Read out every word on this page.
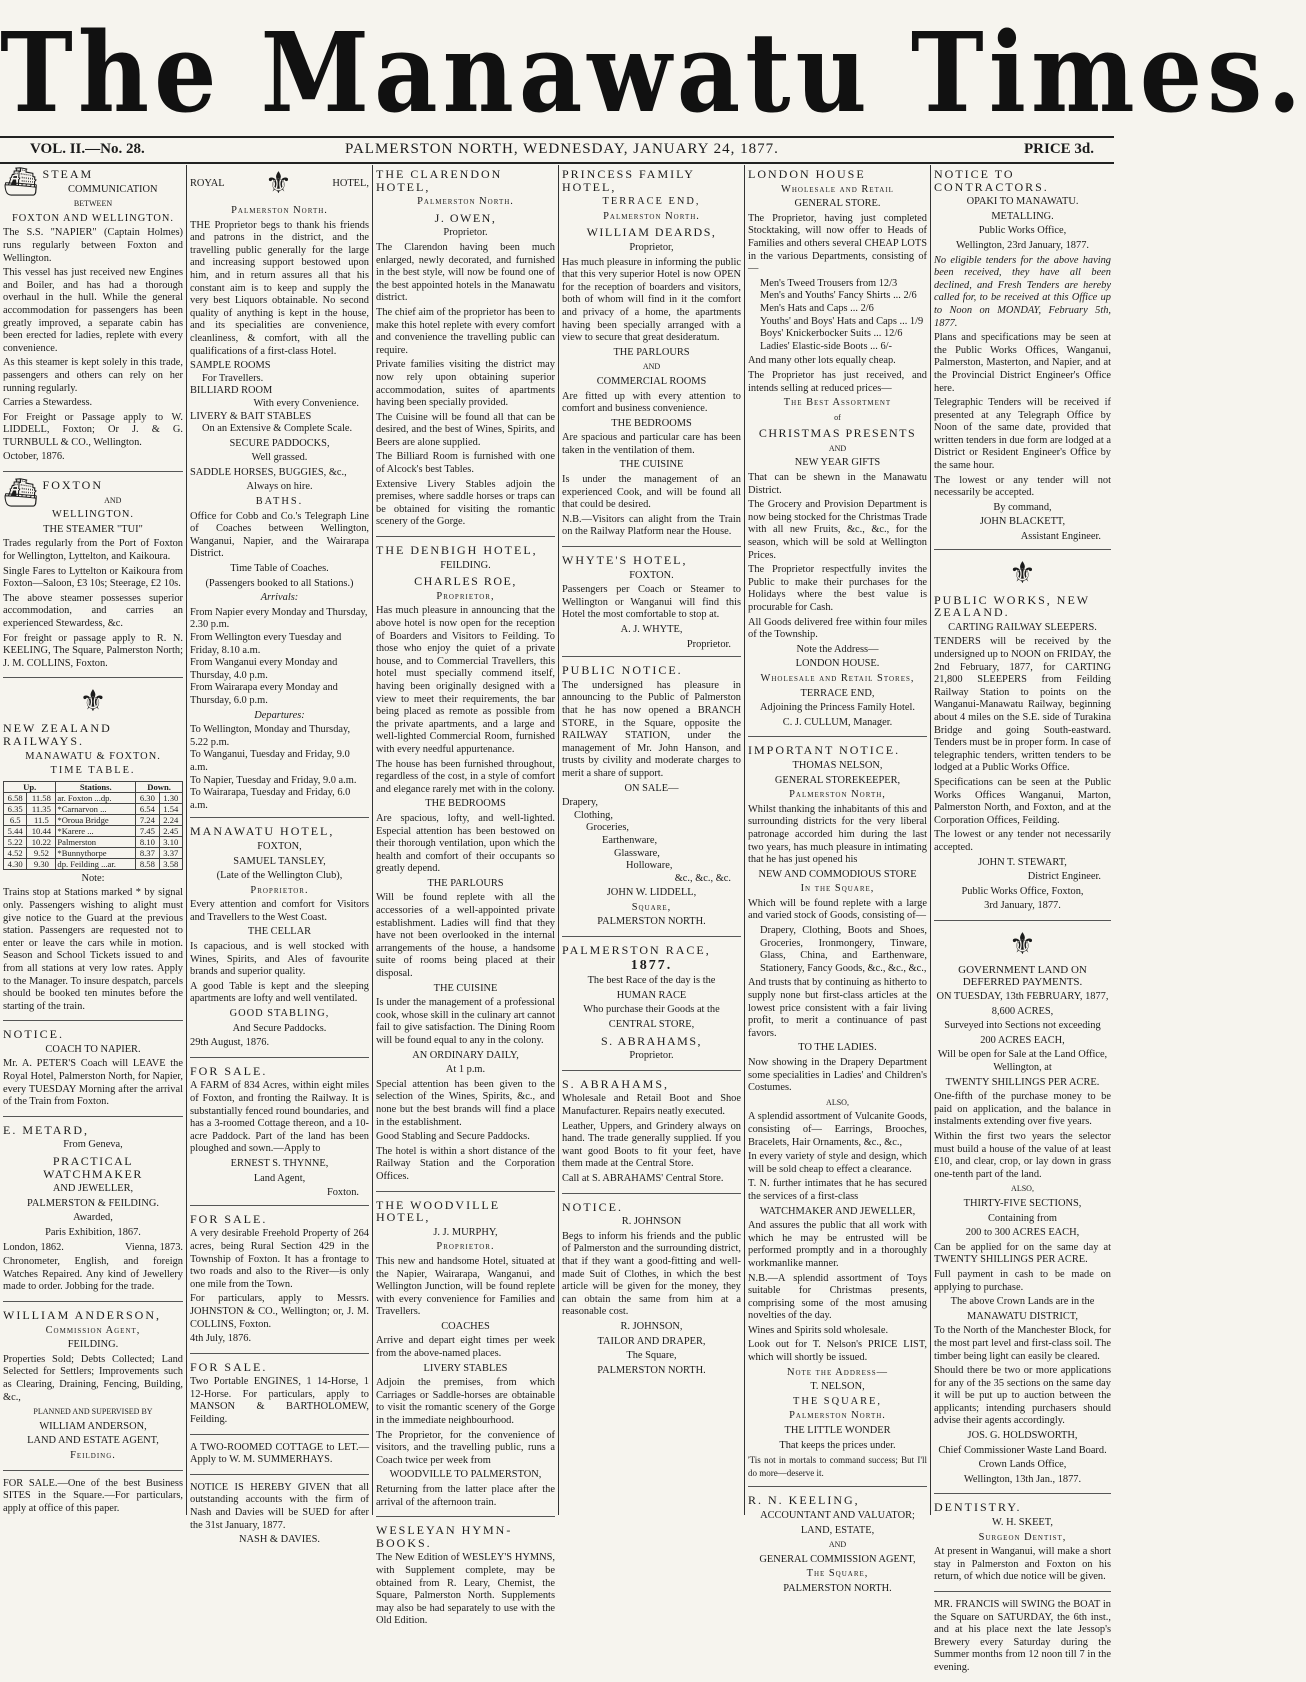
The Manawatu Times.
VOL. II.—No. 28.	PALMERSTON NORTH, WEDNESDAY, JANUARY 24, 1877.	PRICE 3d.
⛴ STEAM
COMMUNICATION
BETWEEN
FOXTON AND WELLINGTON.

The S.S. "NAPIER" (Captain Holmes) runs regularly between Foxton and Wellington.

This vessel has just received new Engines and Boiler, and has had a thorough overhaul in the hull. While the general accommodation for passengers has been greatly improved, a separate cabin has been erected for ladies, replete with every convenience.

As this steamer is kept solely in this trade, passengers and others can rely on her running regularly.

Carries a Stewardess.

For Freight or Passage apply to W. LIDDELL, Foxton; Or J. & G. TURNBULL & CO., Wellington.

October, 1876.

⛴ FOXTON
AND
WELLINGTON.
THE STEAMER "TUI"

Trades regularly from the Port of Foxton for Wellington, Lyttelton, and Kaikoura.

Single Fares to Lyttelton or Kaikoura from Foxton—Saloon, £3 10s; Steerage, £2 10s.

The above steamer possesses superior accommodation, and carries an experienced Stewardess, &c.

For freight or passage apply to R. N. KEELING, The Square, Palmerston North; J. M. COLLINS, Foxton.

⚜
NEW ZEALAND RAILWAYS.
MANAWATU & FOXTON.
TIME TABLE.
Up.		Stations.	Down.	
6.58	11.58	ar. Foxton ...dp.	6.30	1.30
6.35	11.35	*Carnarvon ...	6.54	1.54
6.5	11.5	*Oroua Bridge	7.24	2.24
5.44	10.44	*Karere ...	7.45	2.45
5.22	10.22	Palmerston	8.10	3.10
4.52	9.52	*Bunnythorpe	8.37	3.37
4.30	9.30	dp. Feilding ...ar.	8.58	3.58
Note:

Trains stop at Stations marked * by signal only. Passengers wishing to alight must give notice to the Guard at the previous station. Passengers are requested not to enter or leave the cars while in motion. Season and School Tickets issued to and from all stations at very low rates. Apply to the Manager. To insure despatch, parcels should be booked ten minutes before the starting of the train.

NOTICE.
COACH TO NAPIER.

Mr. A. PETER'S Coach will LEAVE the Royal Hotel, Palmerston North, for Napier, every TUESDAY Morning after the arrival of the Train from Foxton.

E. METARD,
From Geneva,
PRACTICAL WATCHMAKER
AND JEWELLER,
PALMERSTON & FEILDING.
Awarded,
Paris Exhibition, 1867.
London, 1862.	Vienna, 1873.

Chronometer, English, and foreign Watches Repaired. Any kind of Jewellery made to order. Jobbing for the trade.

WILLIAM ANDERSON,
Commission Agent,
FEILDING.

Properties Sold; Debts Collected; Land Selected for Settlers; Improvements such as Clearing, Draining, Fencing, Building, &c.,

PLANNED AND SUPERVISED BY
WILLIAM ANDERSON,
LAND AND ESTATE AGENT,
Feilding.

FOR SALE.—One of the best Business SITES in the Square.—For particulars, apply at office of this paper.

ROYAL ⚜	HOTEL,
Palmerston North.

THE Proprietor begs to thank his friends and patrons in the district, and the travelling public generally for the large and increasing support bestowed upon him, and in return assures all that his constant aim is to keep and supply the very best Liquors obtainable. No second quality of anything is kept in the house, and its specialities are convenience, cleanliness, & comfort, with all the qualifications of a first-class Hotel.

SAMPLE ROOMS
For Travellers.
BILLIARD ROOM
With every Convenience.
LIVERY & BAIT STABLES
On an Extensive & Complete Scale.
SECURE PADDOCKS,
Well grassed.
SADDLE HORSES, BUGGIES, &c.,
Always on hire.
BATHS.

Office for Cobb and Co.'s Telegraph Line of Coaches between Wellington, Wanganui, Napier, and the Wairarapa District.

Time Table of Coaches.
(Passengers booked to all Stations.)
Arrivals:
From Napier every Monday and Thursday, 2.30 p.m.
From Wellington every Tuesday and Friday, 8.10 a.m.
From Wanganui every Monday and Thursday, 4.0 p.m.
From Wairarapa every Monday and Thursday, 6.0 p.m.
Departures:
To Wellington, Monday and Thursday, 5.22 p.m.
To Wanganui, Tuesday and Friday, 9.0 a.m.
To Napier, Tuesday and Friday, 9.0 a.m.
To Wairarapa, Tuesday and Friday, 6.0 a.m.
MANAWATU HOTEL,
FOXTON,
SAMUEL TANSLEY,
(Late of the Wellington Club),
Proprietor.

Every attention and comfort for Visitors and Travellers to the West Coast.

THE CELLAR

Is capacious, and is well stocked with Wines, Spirits, and Ales of favourite brands and superior quality.

A good Table is kept and the sleeping apartments are lofty and well ventilated.

GOOD STABLING,
And Secure Paddocks.

29th August, 1876.

FOR SALE.

A FARM of 834 Acres, within eight miles of Foxton, and fronting the Railway. It is substantially fenced round boundaries, and has a 3-roomed Cottage thereon, and a 10-acre Paddock. Part of the land has been ploughed and sown.—Apply to

ERNEST S. THYNNE,
Land Agent,
Foxton.
FOR SALE.

A very desirable Freehold Property of 264 acres, being Rural Section 429 in the Township of Foxton. It has a frontage to two roads and also to the River—is only one mile from the Town.

For particulars, apply to Messrs. JOHNSTON & CO., Wellington; or, J. M. COLLINS, Foxton.

4th July, 1876.

FOR SALE.

Two Portable ENGINES, 1 14-Horse, 1 12-Horse. For particulars, apply to MANSON & BARTHOLOMEW, Feilding.

A TWO-ROOMED COTTAGE to LET.—Apply to W. M. SUMMERHAYS.

NOTICE IS HEREBY GIVEN that all outstanding accounts with the firm of Nash and Davies will be SUED for after the 31st January, 1877.

NASH & DAVIES.
THE CLARENDON HOTEL,
Palmerston North.
J. OWEN,
Proprietor.

The Clarendon having been much enlarged, newly decorated, and furnished in the best style, will now be found one of the best appointed hotels in the Manawatu district.

The chief aim of the proprietor has been to make this hotel replete with every comfort and convenience the travelling public can require.

Private families visiting the district may now rely upon obtaining superior accommodation, suites of apartments having been specially provided.

The Cuisine will be found all that can be desired, and the best of Wines, Spirits, and Beers are alone supplied.

The Billiard Room is furnished with one of Alcock's best Tables.

Extensive Livery Stables adjoin the premises, where saddle horses or traps can be obtained for visiting the romantic scenery of the Gorge.

THE DENBIGH HOTEL,
FEILDING.
CHARLES ROE,
Proprietor,

Has much pleasure in announcing that the above hotel is now open for the reception of Boarders and Visitors to Feilding. To those who enjoy the quiet of a private house, and to Commercial Travellers, this hotel must specially commend itself, having been originally designed with a view to meet their requirements, the bar being placed as remote as possible from the private apartments, and a large and well-lighted Commercial Room, furnished with every needful appurtenance.

The house has been furnished throughout, regardless of the cost, in a style of comfort and elegance rarely met with in the colony.

THE BEDROOMS

Are spacious, lofty, and well-lighted. Especial attention has been bestowed on their thorough ventilation, upon which the health and comfort of their occupants so greatly depend.

THE PARLOURS

Will be found replete with all the accessories of a well-appointed private establishment. Ladies will find that they have not been overlooked in the internal arrangements of the house, a handsome suite of rooms being placed at their disposal.

THE CUISINE

Is under the management of a professional cook, whose skill in the culinary art cannot fail to give satisfaction. The Dining Room will be found equal to any in the colony.

AN ORDINARY DAILY,
At 1 p.m.

Special attention has been given to the selection of the Wines, Spirits, &c., and none but the best brands will find a place in the establishment.

Good Stabling and Secure Paddocks.

The hotel is within a short distance of the Railway Station and the Corporation Offices.

THE WOODVILLE HOTEL,
J. J. MURPHY,
Proprietor.

This new and handsome Hotel, situated at the Napier, Wairarapa, Wanganui, and Wellington Junction, will be found replete with every convenience for Families and Travellers.

COACHES

Arrive and depart eight times per week from the above-named places.

LIVERY STABLES

Adjoin the premises, from which Carriages or Saddle-horses are obtainable to visit the romantic scenery of the Gorge in the immediate neighbourhood.

The Proprietor, for the convenience of visitors, and the travelling public, runs a Coach twice per week from

WOODVILLE TO PALMERSTON,

Returning from the latter place after the arrival of the afternoon train.

WESLEYAN HYMN-BOOKS.

The New Edition of WESLEY'S HYMNS, with Supplement complete, may be obtained from R. Leary, Chemist, the Square, Palmerston North. Supplements may also be had separately to use with the Old Edition.

PRINCESS FAMILY HOTEL,
TERRACE END,
Palmerston North.
WILLIAM DEARDS,
Proprietor,

Has much pleasure in informing the public that this very superior Hotel is now OPEN for the reception of boarders and visitors, both of whom will find in it the comfort and privacy of a home, the apartments having been specially arranged with a view to secure that great desideratum.

THE PARLOURS
AND
COMMERCIAL ROOMS

Are fitted up with every attention to comfort and business convenience.

THE BEDROOMS

Are spacious and particular care has been taken in the ventilation of them.

THE CUISINE

Is under the management of an experienced Cook, and will be found all that could be desired.

N.B.—Visitors can alight from the Train on the Railway Platform near the House.

WHYTE'S HOTEL,
FOXTON.

Passengers per Coach or Steamer to Wellington or Wanganui will find this Hotel the most comfortable to stop at.

A. J. WHYTE,
Proprietor.
PUBLIC NOTICE.

The undersigned has pleasure in announcing to the Public of Palmerston that he has now opened a BRANCH STORE, in the Square, opposite the RAILWAY STATION, under the management of Mr. John Hanson, and trusts by civility and moderate charges to merit a share of support.

ON SALE—
Drapery,
Clothing,
Groceries,
Earthenware,
Glassware,
Holloware,
&c., &c., &c.
JOHN W. LIDDELL,
Square,
PALMERSTON NORTH.
PALMERSTON RACE,
1877.
The best Race of the day is the
HUMAN RACE
Who purchase their Goods at the
CENTRAL STORE,
S. ABRAHAMS,
Proprietor.
S. ABRAHAMS,

Wholesale and Retail Boot and Shoe Manufacturer. Repairs neatly executed.

Leather, Uppers, and Grindery always on hand. The trade generally supplied. If you want good Boots to fit your feet, have them made at the Central Store.

Call at S. ABRAHAMS' Central Store.

NOTICE.
R. JOHNSON

Begs to inform his friends and the public of Palmerston and the surrounding district, that if they want a good-fitting and well-made Suit of Clothes, in which the best article will be given for the money, they can obtain the same from him at a reasonable cost.

R. JOHNSON,
TAILOR AND DRAPER,
The Square,
PALMERSTON NORTH.
LONDON HOUSE
Wholesale and Retail
GENERAL STORE.

The Proprietor, having just completed Stocktaking, will now offer to Heads of Families and others several CHEAP LOTS in the various Departments, consisting of—

Men's Tweed Trousers from 12/3
Men's and Youths' Fancy Shirts ... 2/6
Men's Hats and Caps ... 2/6
Youths' and Boys' Hats and Caps ... 1/9
Boys' Knickerbocker Suits ... 12/6
Ladies' Elastic-side Boots ... 6/-

And many other lots equally cheap.

The Proprietor has just received, and intends selling at reduced prices—

The Best Assortment
of
CHRISTMAS PRESENTS
AND
NEW YEAR GIFTS

That can be shewn in the Manawatu District.

The Grocery and Provision Department is now being stocked for the Christmas Trade with all new Fruits, &c., &c., for the season, which will be sold at Wellington Prices.

The Proprietor respectfully invites the Public to make their purchases for the Holidays where the best value is procurable for Cash.

All Goods delivered free within four miles of the Township.

Note the Address—
LONDON HOUSE.
Wholesale and Retail Stores,
TERRACE END,
Adjoining the Princess Family Hotel.
C. J. CULLUM, Manager.
IMPORTANT NOTICE.
THOMAS NELSON,
GENERAL STOREKEEPER,
Palmerston North,

Whilst thanking the inhabitants of this and surrounding districts for the very liberal patronage accorded him during the last two years, has much pleasure in intimating that he has just opened his

NEW AND COMMODIOUS STORE
In the Square,

Which will be found replete with a large and varied stock of Goods, consisting of—

Drapery, Clothing, Boots and Shoes, Groceries, Ironmongery, Tinware, Glass, China, and Earthenware, Stationery, Fancy Goods, &c., &c., &c.,

And trusts that by continuing as hitherto to supply none but first-class articles at the lowest price consistent with a fair living profit, to merit a continuance of past favors.

TO THE LADIES.

Now showing in the Drapery Department some specialities in Ladies' and Children's Costumes.

ALSO,

A splendid assortment of Vulcanite Goods, consisting of— Earrings, Brooches, Bracelets, Hair Ornaments, &c., &c.,

In every variety of style and design, which will be sold cheap to effect a clearance.

T. N. further intimates that he has secured the services of a first-class

WATCHMAKER AND JEWELLER,

And assures the public that all work with which he may be entrusted will be performed promptly and in a thoroughly workmanlike manner.

N.B.—A splendid assortment of Toys suitable for Christmas presents, comprising some of the most amusing novelties of the day.

Wines and Spirits sold wholesale.

Look out for T. Nelson's PRICE LIST, which will shortly be issued.

Note the Address—
T. NELSON,
THE SQUARE,
Palmerston North.
THE LITTLE WONDER
That keeps the prices under.

'Tis not in mortals to command success; But I'll do more—deserve it.

R. N. KEELING,
ACCOUNTANT AND VALUATOR;
LAND, ESTATE,
AND
GENERAL COMMISSION AGENT,
The Square,
PALMERSTON NORTH.
NOTICE TO CONTRACTORS.
OPAKI TO MANAWATU.
METALLING.
Public Works Office,
Wellington, 23rd January, 1877.

No eligible tenders for the above having been received, they have all been declined, and Fresh Tenders are hereby called for, to be received at this Office up to Noon on MONDAY, February 5th, 1877.

Plans and specifications may be seen at the Public Works Offices, Wanganui, Palmerston, Masterton, and Napier, and at the Provincial District Engineer's Office here.

Telegraphic Tenders will be received if presented at any Telegraph Office by Noon of the same date, provided that written tenders in due form are lodged at a District or Resident Engineer's Office by the same hour.

The lowest or any tender will not necessarily be accepted.

By command,
JOHN BLACKETT,
Assistant Engineer.
⚜
PUBLIC WORKS, NEW ZEALAND.
CARTING RAILWAY SLEEPERS.

TENDERS will be received by the undersigned up to NOON on FRIDAY, the 2nd February, 1877, for CARTING 21,800 SLEEPERS from Feilding Railway Station to points on the Wanganui-Manawatu Railway, beginning about 4 miles on the S.E. side of Turakina Bridge and going South-eastward. Tenders must be in proper form. In case of telegraphic tenders, written tenders to be lodged at a Public Works Office.

Specifications can be seen at the Public Works Offices Wanganui, Marton, Palmerston North, and Foxton, and at the Corporation Offices, Feilding.

The lowest or any tender not necessarily accepted.

JOHN T. STEWART,
District Engineer.
Public Works Office, Foxton,
3rd January, 1877.
⚜
GOVERNMENT LAND ON DEFERRED PAYMENTS.
ON TUESDAY, 13th FEBRUARY, 1877,
8,600 ACRES,
Surveyed into Sections not exceeding
200 ACRES EACH,
Will be open for Sale at the Land Office, Wellington, at
TWENTY SHILLINGS PER ACRE.

One-fifth of the purchase money to be paid on application, and the balance in instalments extending over five years.

Within the first two years the selector must build a house of the value of at least £10, and clear, crop, or lay down in grass one-tenth part of the land.

ALSO,
THIRTY-FIVE SECTIONS,
Containing from
200 to 300 ACRES EACH,

Can be applied for on the same day at TWENTY SHILLINGS PER ACRE.

Full payment in cash to be made on applying to purchase.

The above Crown Lands are in the
MANAWATU DISTRICT,

To the North of the Manchester Block, for the most part level and first-class soil. The timber being light can easily be cleared.

Should there be two or more applications for any of the 35 sections on the same day it will be put up to auction between the applicants; intending purchasers should advise their agents accordingly.

JOS. G. HOLDSWORTH,
Chief Commissioner Waste Land Board.
Crown Lands Office,
Wellington, 13th Jan., 1877.
DENTISTRY.
W. H. SKEET,
Surgeon Dentist,

At present in Wanganui, will make a short stay in Palmerston and Foxton on his return, of which due notice will be given.

MR. FRANCIS will SWING the BOAT in the Square on SATURDAY, the 6th inst., and at his place next the late Jessop's Brewery every Saturday during the Summer months from 12 noon till 7 in the evening.
